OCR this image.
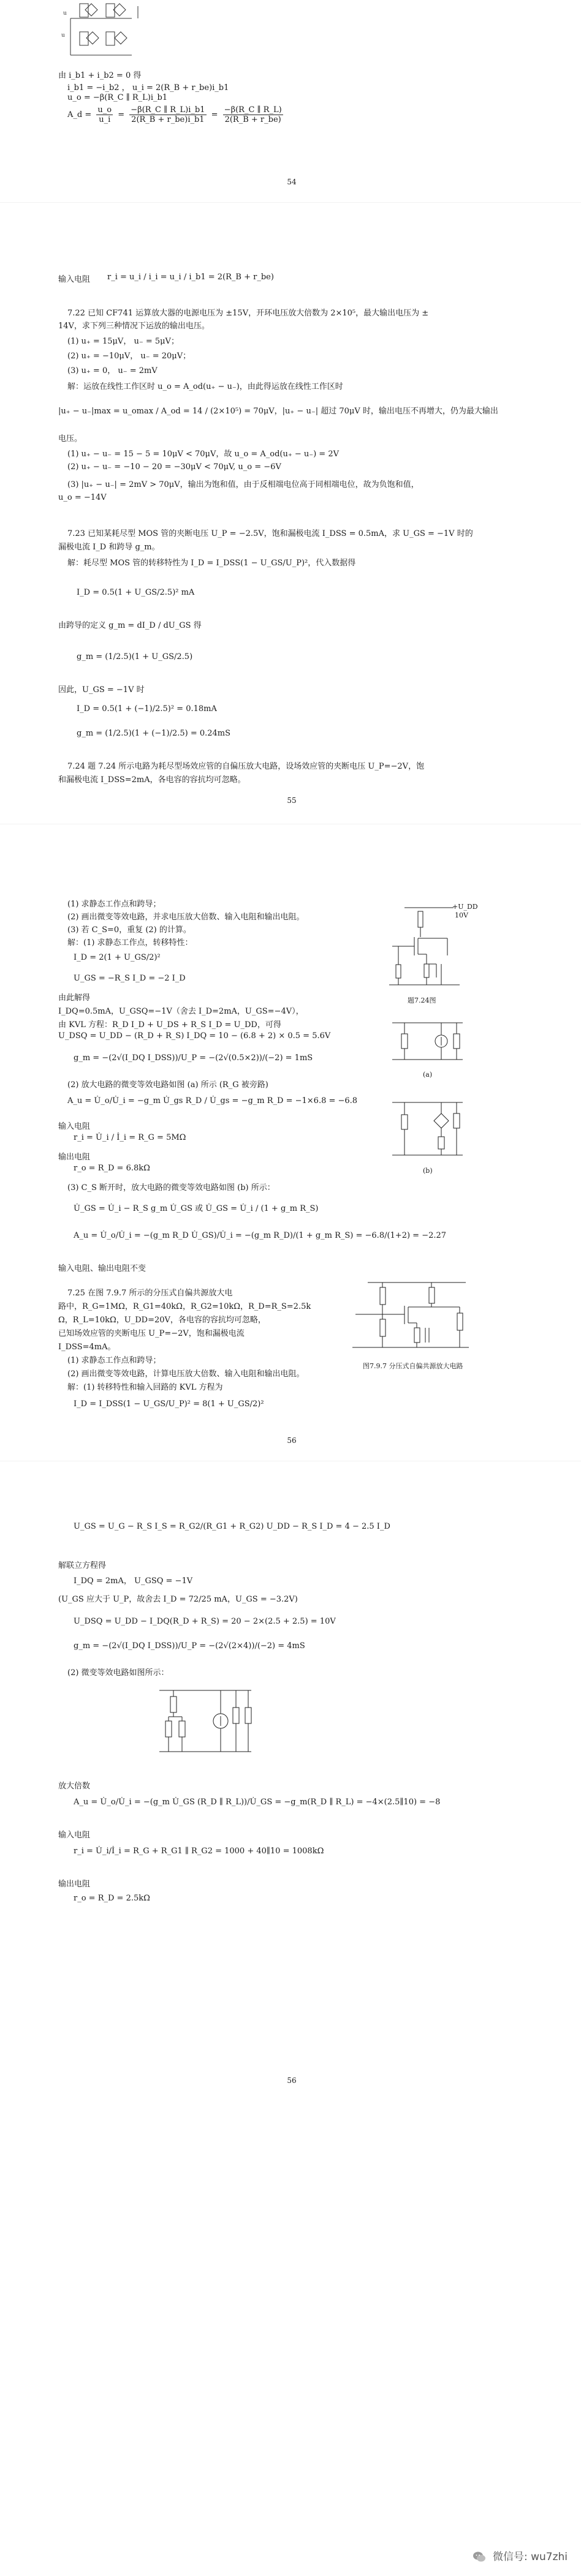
u
u
由 i_b1 + i_b2 = 0 得
i_b1 = −i_b2 ， u_i = 2(R_B + r_be)i_b1
u_o = −β(R_C ∥ R_L)i_b1
A_d = $\frac{u\_o}{u\_i} = \frac{-\beta(R\_C \parallel R\_L)i\_b1}{2(R\_B + r\_be)i\_b1} = \frac{-\beta(R\_C \parallel R\_L)}{2(R\_B + r\_be)}$
54
输入电阻 r_i = u_i / i_i = u_i / i_b1 = 2(R_B + r_be)
7.22 已知 CF741 运算放大器的电源电压为 ±15V，开环电压放大倍数为 2×10⁵，最大输出电压为 ±
14V，求下列三种情况下运放的输出电压。
(1) u₊ = 15μV， u₋ = 5μV；
(2) u₊ = −10μV， u₋ = 20μV；
(3) u₊ = 0， u₋ = 2mV
解：运放在线性工作区时 u_o = A_od(u₊ − u₋)，由此得运放在线性工作区时
|u₊ − u₋|max = u_omax / A_od = 14 / (2×10⁵) = 70μV，|u₊ − u₋| 超过 70μV 时，输出电压不再增大，仍为最大输出
电压。
(1) u₊ − u₋ = 15 − 5 = 10μV < 70μV，故 u_o = A_od(u₊ − u₋) = 2V
(2) u₊ − u₋ = −10 − 20 = −30μV < 70μV, u_o = −6V
(3) |u₊ − u₋| = 2mV > 70μV，输出为饱和值，由于反相端电位高于同相端电位，故为负饱和值，
u_o = −14V
7.23 已知某耗尽型 MOS 管的夹断电压 U_P = −2.5V，饱和漏极电流 I_DSS = 0.5mA，求 U_GS = −1V 时的
漏极电流 I_D 和跨导 g_m。
解：耗尽型 MOS 管的转移特性为 I_D = I_DSS(1 − U_GS/U_P)²，代入数据得
I_D = 0.5(1 + U_GS/2.5)² mA
由跨导的定义 g_m = dI_D / dU_GS 得
g_m = (1/2.5)(1 + U_GS/2.5)
因此，U_GS = −1V 时
I_D = 0.5(1 + (−1)/2.5)² = 0.18mA
g_m = (1/2.5)(1 + (−1)/2.5) = 0.24mS
7.24 题 7.24 所示电路为耗尽型场效应管的自偏压放大电路，设场效应管的夹断电压 U_P=−2V，饱
和漏极电流 I_DSS=2mA，各电容的容抗均可忽略。
55
(1) 求静态工作点和跨导；
(2) 画出微变等效电路，并求电压放大倍数、输入电阻和输出电阻。
(3) 若 C_S=0，重复 (2) 的计算。
解：(1) 求静态工作点，转移特性：
I_D = 2(1 + U_GS/2)²
U_GS = −R_S I_D = −2 I_D
由此解得
I_DQ=0.5mA，U_GSQ=−1V（舍去 I_D=2mA，U_GS=−4V），
由 KVL 方程：R_D I_D + U_DS + R_S I_D = U_DD，可得
U_DSQ = U_DD − (R_D + R_S) I_DQ = 10 − (6.8 + 2) × 0.5 = 5.6V
g_m = −(2√(I_DQ I_DSS))/U_P = −(2√(0.5×2))/(−2) = 1mS
(2) 放大电路的微变等效电路如图 (a) 所示 (R_G 被旁路)
A_u = U̇_o/U̇_i = −g_m U̇_gs R_D / U̇_gs = −g_m R_D = −1×6.8 = −6.8
输入电阻
r_i = U̇_i / İ_i = R_G = 5MΩ
输出电阻
r_o = R_D = 6.8kΩ
(3) C_S 断开时，放大电路的微变等效电路如图 (b) 所示：
U̇_GS = U̇_i − R_S g_m U̇_GS 或 U̇_GS = U̇_i / (1 + g_m R_S)
A_u = U̇_o/U̇_i = −(g_m R_D U̇_GS)/U̇_i = −(g_m R_D)/(1 + g_m R_S) = −6.8/(1+2) = −2.27
输入电阻、输出电阻不变
+U_DD
10V
题7.24图
(a)
(b)
7.25 在图 7.9.7 所示的分压式自偏共源放大电
路中，R_G=1MΩ，R_G1=40kΩ，R_G2=10kΩ，R_D=R_S=2.5k
Ω，R_L=10kΩ，U_DD=20V，各电容的容抗均可忽略，
已知场效应管的夹断电压 U_P=−2V，饱和漏极电流
I_DSS=4mA。
(1) 求静态工作点和跨导；
(2) 画出微变等效电路，计算电压放大倍数、输入电阻和输出电阻。
解：(1) 转移特性和输入回路的 KVL 方程为
I_D = I_DSS(1 − U_GS/U_P)² = 8(1 + U_GS/2)²
图7.9.7 分压式自偏共源放大电路
56
U_GS = U_G − R_S I_S = R_G2/(R_G1 + R_G2) U_DD − R_S I_D = 4 − 2.5 I_D
解联立方程得
I_DQ = 2mA， U_GSQ = −1V
(U_GS 应大于 U_P，故舍去 I_D = 72/25 mA，U_GS = −3.2V)
U_DSQ = U_DD − I_DQ(R_D + R_S) = 20 − 2×(2.5 + 2.5) = 10V
g_m = −(2√(I_DQ I_DSS))/U_P = −(2√(2×4))/(−2) = 4mS
(2) 微变等效电路如图所示：
放大倍数
A_u = U̇_o/U̇_i = −(g_m U̇_GS (R_D ∥ R_L))/U̇_GS = −g_m(R_D ∥ R_L) = −4×(2.5∥10) = −8
输入电阻
r_i = U̇_i/İ_i = R_G + R_G1 ∥ R_G2 = 1000 + 40∥10 = 1008kΩ
输出电阻
r_o = R_D = 2.5kΩ
56
微信号: wu7zhi
